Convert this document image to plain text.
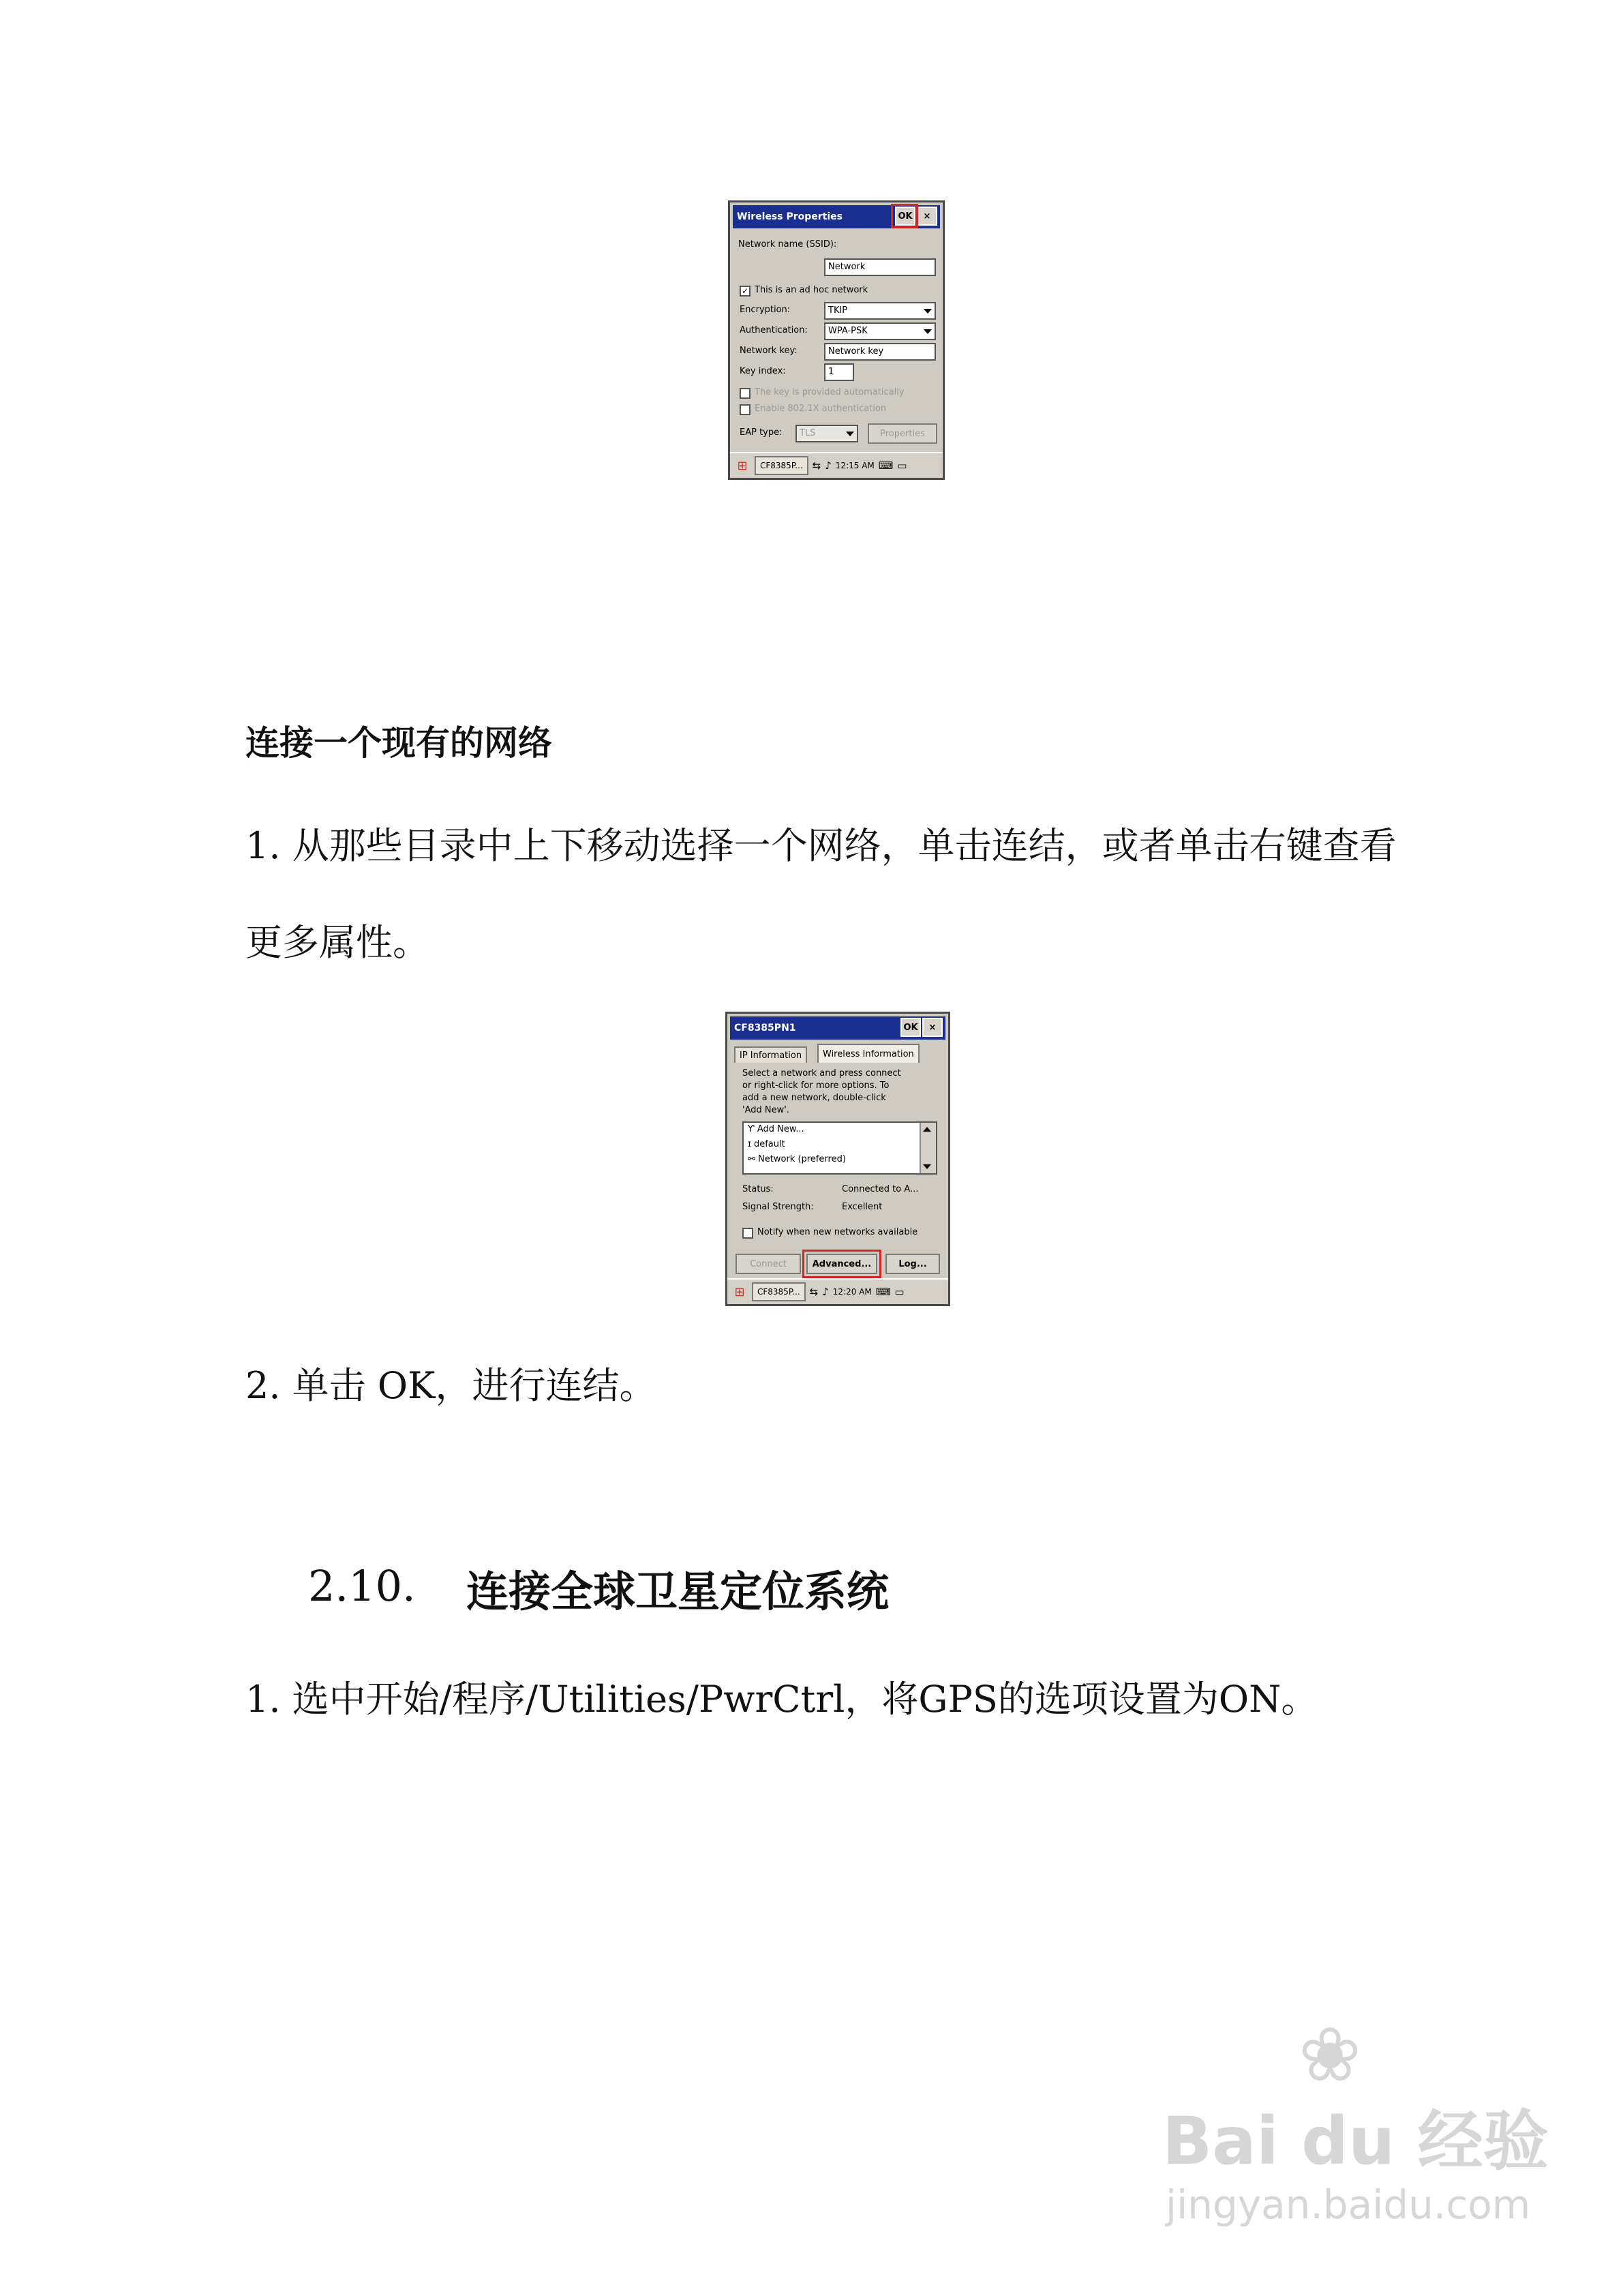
Wireless Properties	OK	×
Network name (SSID):
Network
✓ This is an ad hoc network
Encryption:	TKIP
Authentication:	WPA-PSK
Network key:	Network key
Key index:	1
The key is provided automatically
Enable 802.1X authentication
EAP type:	TLS	Properties
⊞	CF8385P... ⇆ ♪ 12:15 AM ⌨ ▭
连接一个现有的网络
1. 从那些目录中上下移动选择一个网络，单击连结，或者单击右键查看
更多属性。
CF8385PN1	OK	×
IP Information	Wireless Information
Select a network and press connect
or right-click for more options. To
add a new network, double-click
'Add New'.
Ƴ Add New...
ɪ default
⚯ Network (preferred)
Status:	Connected to A...
Signal Strength:	Excellent
Notify when new networks available
Connect	Advanced...	Log...
⊞	CF8385P... ⇆ ♪ 12:20 AM ⌨ ▭
2. 单击 OK，进行连结。
2.10. 连接全球卫星定位系统
1. 选中开始/程序/Utilities/PwrCtrl，将GPS的选项设置为ON。
❀
Bai du 经验
jingyan.baidu.com
